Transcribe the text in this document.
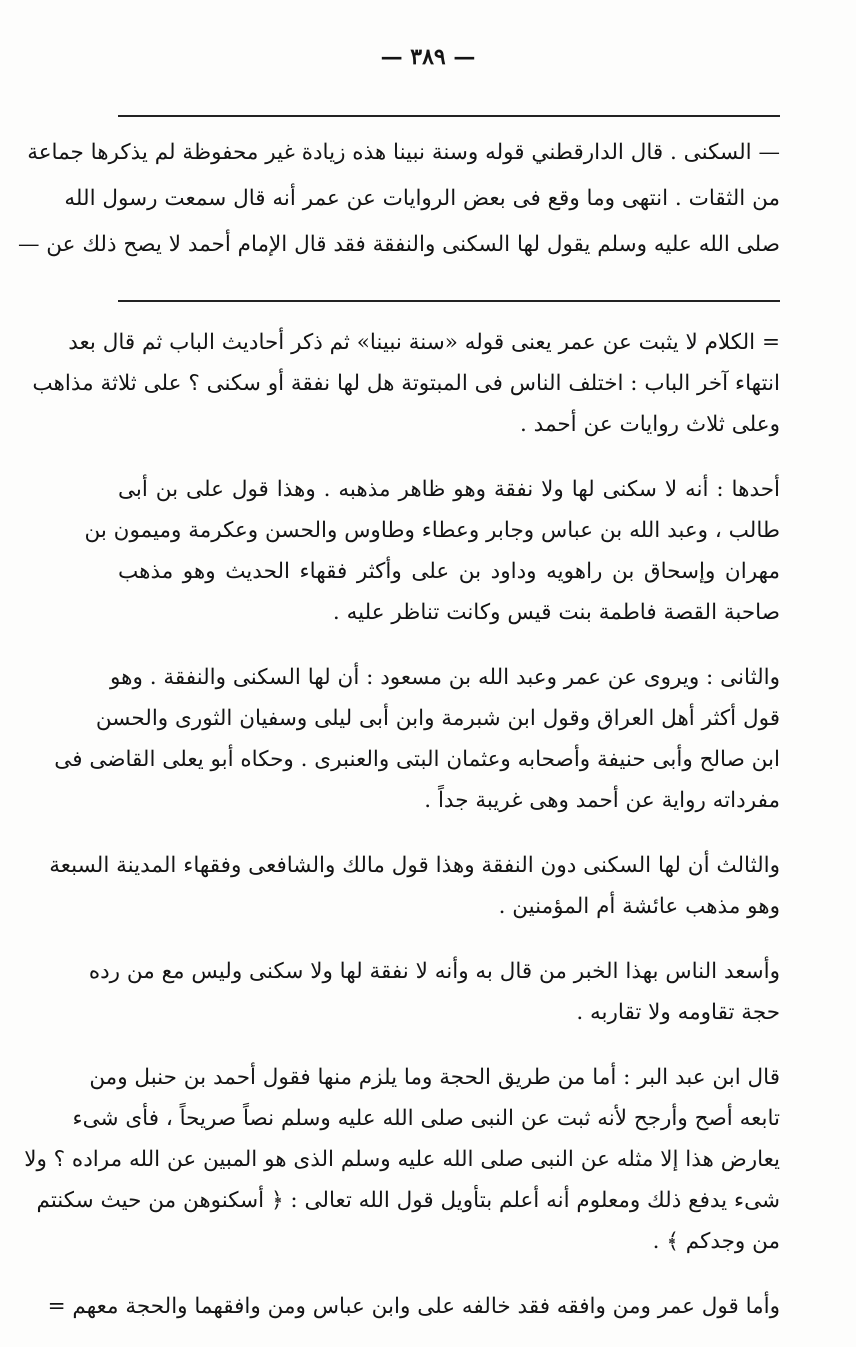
— ٣٨٩ —
— السكنى . قال الدارقطني قوله وسنة نبينا هذه زيادة غير محفوظة لم يذكرها جماعة
من الثقات . انتهى وما وقع فى بعض الروايات عن عمر أنه قال سمعت رسول الله
صلى الله عليه وسلم يقول لها السكنى والنفقة فقد قال الإمام أحمد لا يصح ذلك عن —
= الكلام لا يثبت عن عمر يعنى قوله «سنة نبينا» ثم ذكر أحاديث الباب ثم قال بعد
انتهاء آخر الباب : اختلف الناس فى المبتوتة هل لها نفقة أو سكنى ؟ على ثلاثة مذاهب
وعلى ثلاث روايات عن أحمد .
أحدها : أنه لا سكنى لها ولا نفقة وهو ظاهر مذهبه . وهذا قول على بن أبى
طالب ، وعبد الله بن عباس وجابر وعطاء وطاوس والحسن وعكرمة وميمون بن
مهران وإسحاق بن راهويه وداود بن على وأكثر فقهاء الحديث وهو مذهب
صاحبة القصة فاطمة بنت قيس وكانت تناظر عليه .
والثانى : ويروى عن عمر وعبد الله بن مسعود : أن لها السكنى والنفقة . وهو
قول أكثر أهل العراق وقول ابن شبرمة وابن أبى ليلى وسفيان الثورى والحسن
ابن صالح وأبى حنيفة وأصحابه وعثمان البتى والعنبرى . وحكاه أبو يعلى القاضى فى
مفرداته رواية عن أحمد وهى غريبة جداً .
والثالث أن لها السكنى دون النفقة وهذا قول مالك والشافعى وفقهاء المدينة السبعة
وهو مذهب عائشة أم المؤمنين .
وأسعد الناس بهذا الخبر من قال به وأنه لا نفقة لها ولا سكنى وليس مع من رده
حجة تقاومه ولا تقاربه .
قال ابن عبد البر : أما من طريق الحجة وما يلزم منها فقول أحمد بن حنبل ومن
تابعه أصح وأرجح لأنه ثبت عن النبى صلى الله عليه وسلم نصاً صريحاً ، فأى شىء
يعارض هذا إلا مثله عن النبى صلى الله عليه وسلم الذى هو المبين عن الله مراده ؟ ولا
شىء يدفع ذلك ومعلوم أنه أعلم بتأويل قول الله تعالى : ﴿ أسكنوهن من حيث سكنتم
من وجدكم ﴾ .
وأما قول عمر ومن وافقه فقد خالفه على وابن عباس ومن وافقهما والحجة معهم =
